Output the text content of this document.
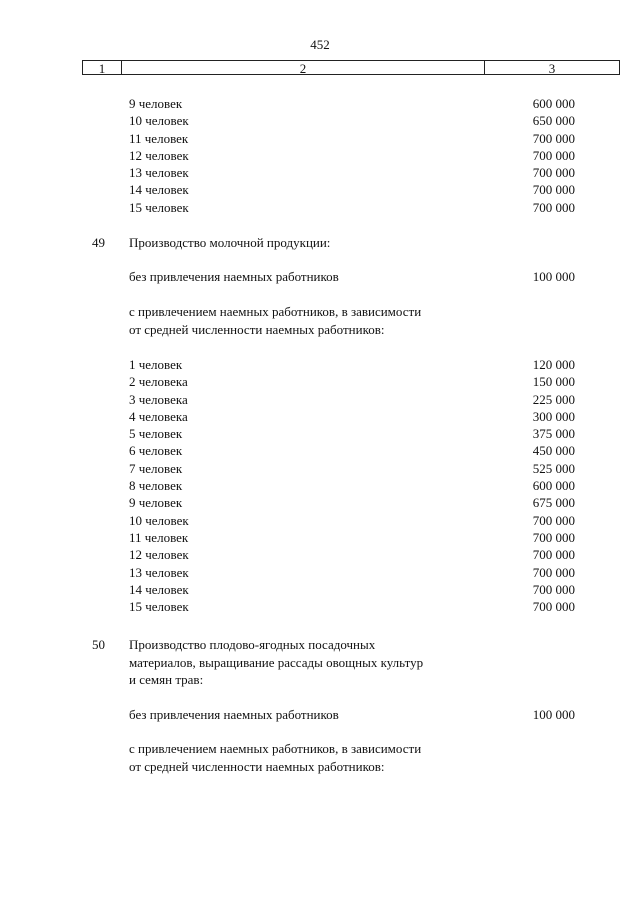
452
1	2	3
9 человек	600 000
10 человек	650 000
11 человек	700 000
12 человек	700 000
13 человек	700 000
14 человек	700 000
15 человек	700 000
49 Производство молочной продукции:
без привлечения наемных работников	100 000
с привлечением наемных работников, в зависимости
от средней численности наемных работников:
1 человек	120 000
2 человека	150 000
3 человека	225 000
4 человека	300 000
5 человек	375 000
6 человек	450 000
7 человек	525 000
8 человек	600 000
9 человек	675 000
10 человек	700 000
11 человек	700 000
12 человек	700 000
13 человек	700 000
14 человек	700 000
15 человек	700 000
50 Производство плодово-ягодных посадочных
материалов, выращивание рассады овощных культур
и семян трав:
без привлечения наемных работников	100 000
с привлечением наемных работников, в зависимости
от средней численности наемных работников:
